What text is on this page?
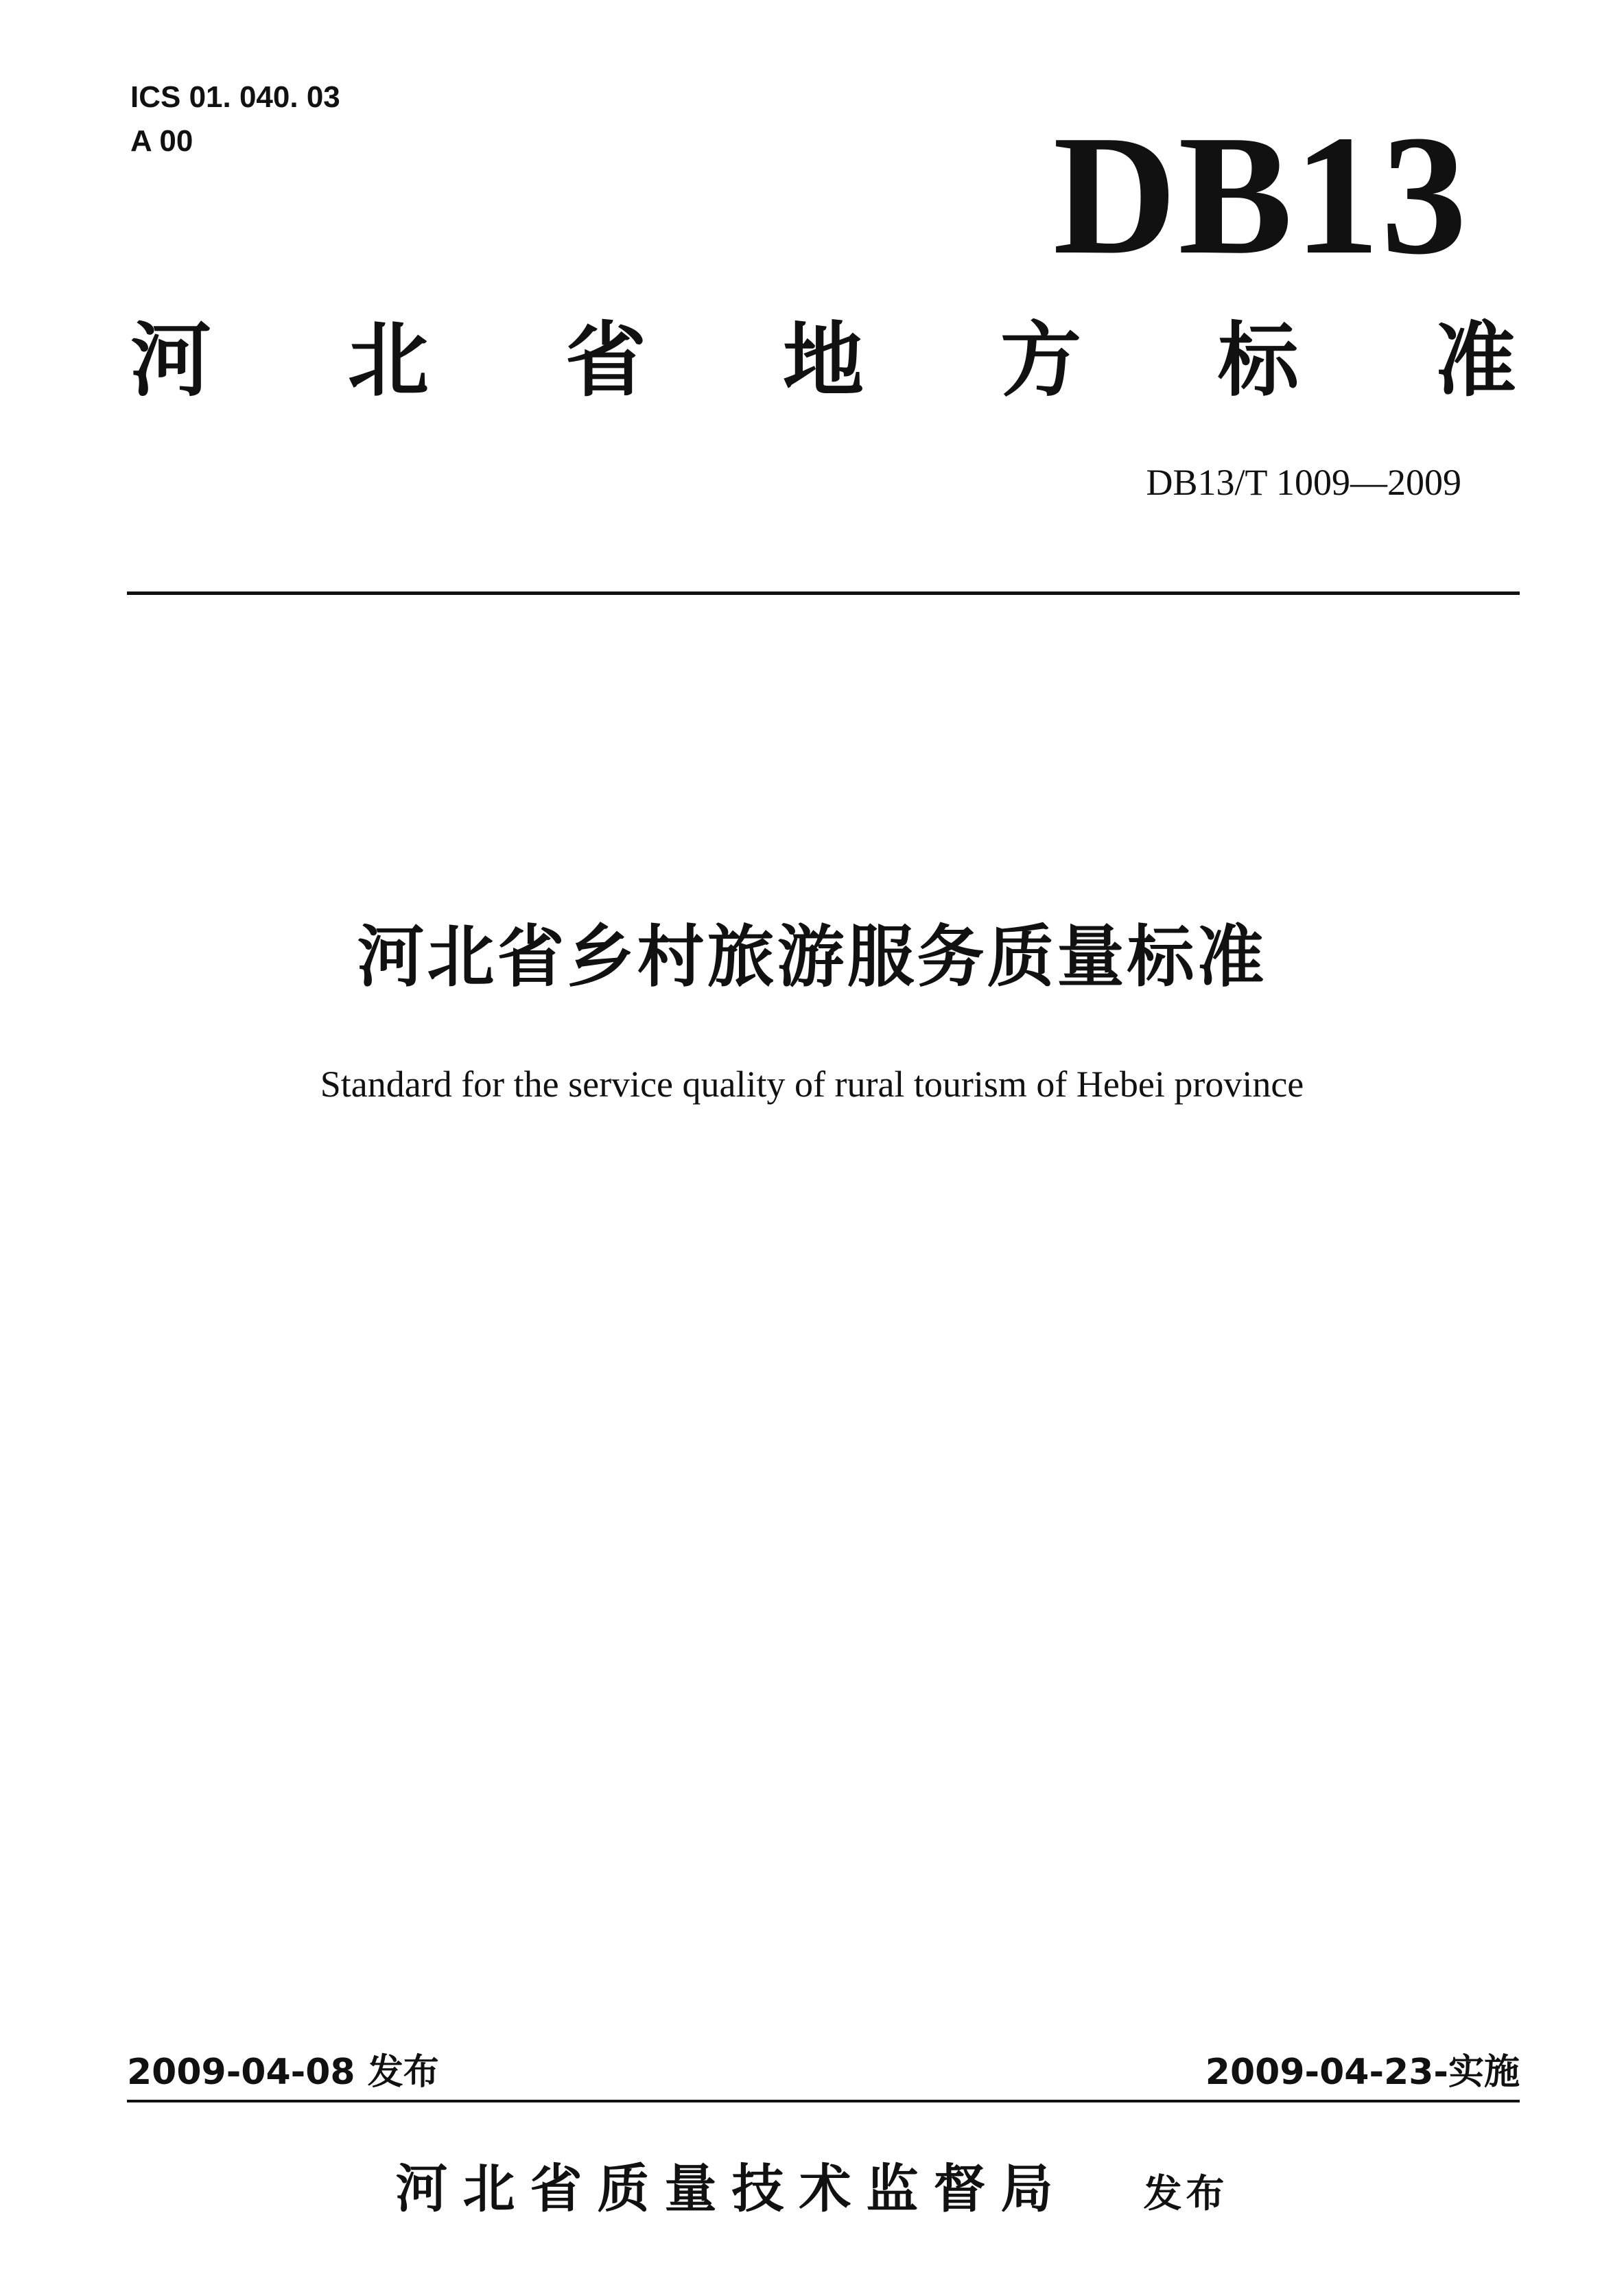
ICS 01. 040. 03
A 00	DB13
河 北 省 地 方 标 准
DB13/T 1009—2009
河北省乡村旅游服务质量标准
Standard for the service quality of rural tourism of Hebei province
2009-04-08 发布	2009-04-23-实施
河北省质量技术监督局 发布
